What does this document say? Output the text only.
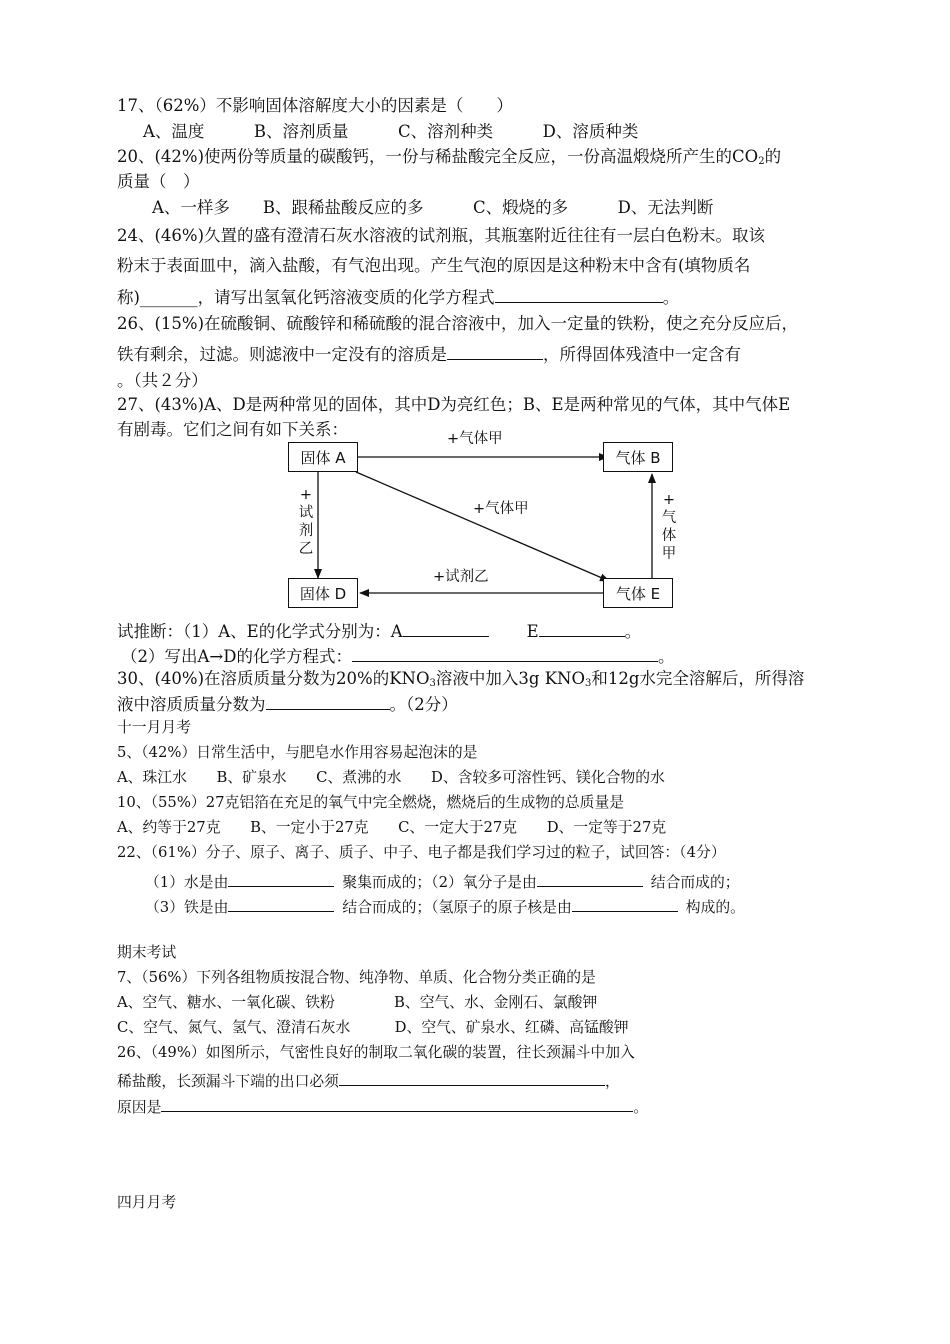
17、（62%）不影响固体溶解度大小的因素是（　　）
A、温度　　　B、溶剂质量　　　C、溶剂种类　　　D、溶质种类
20、(42%)使两份等质量的碳酸钙，一份与稀盐酸完全反应，一份高温煅烧所产生的$CO_2$的
质量（　）
A、一样多　　B、跟稀盐酸反应的多　　　C、煅烧的多　　　D、无法判断
24、(46%)久置的盛有澄清石灰水溶液的试剂瓶，其瓶塞附近往往有一层白色粉末。取该
粉末于表面皿中，滴入盐酸，有气泡出现。产生气泡的原因是这种粉末中含有(填物质名
称)_______，请写出氢氧化钙溶液变质的化学方程式	。
26、(15%)在硫酸铜、硫酸锌和稀硫酸的混合溶液中，加入一定量的铁粉，使之充分反应后，
铁有剩余，过滤。则滤液中一定没有的溶质是	，所得固体残渣中一定含有
。（共２分）
27、(43%)A、D是两种常见的固体，其中D为亮红色；B、E是两种常见的气体，其中气体E
有剧毒。它们之间有如下关系：
固体 A	气体 B
固体 D	气体 E
+气体甲
+气体甲
+试剂乙
+
试
剂
乙
+
气
体
甲
试推断：（1）A、E的化学式分别为：A	E	。
（2）写出A→D的化学方程式：	。
30、(40%)在溶质质量分数为20%的$KNO_3$溶液中加入3g $KNO_3$和12g水完全溶解后，所得溶
液中溶质质量分数为	。（2分）
十一月月考
5、（42%）日常生活中，与肥皂水作用容易起泡沫的是
A、珠江水　　B、矿泉水　　C、煮沸的水　　D、含较多可溶性钙、镁化合物的水
10、（55%）27克铝箔在充足的氧气中完全燃烧，燃烧后的生成物的总质量是
A、约等于27克　　B、一定小于27克　　C、一定大于27克　　D、一定等于27克
22、（61%）分子、原子、离子、质子、中子、电子都是我们学习过的粒子，试回答：（4分）
（1）水是由	聚集而成的；（2）氧分子是由	结合而成的；
（3）铁是由	结合而成的；（氢原子的原子核是由	构成的。
期末考试
7、（56%）下列各组物质按混合物、纯净物、单质、化合物分类正确的是
A、空气、糖水、一氧化碳、铁粉　　　　B、空气、水、金刚石、氯酸钾
C、空气、氮气、氢气、澄清石灰水　　　D、空气、矿泉水、红磷、高锰酸钾
26、（49%）如图所示，气密性良好的制取二氧化碳的装置，往长颈漏斗中加入
稀盐酸，长颈漏斗下端的出口必须	，
原因是	。
四月月考
